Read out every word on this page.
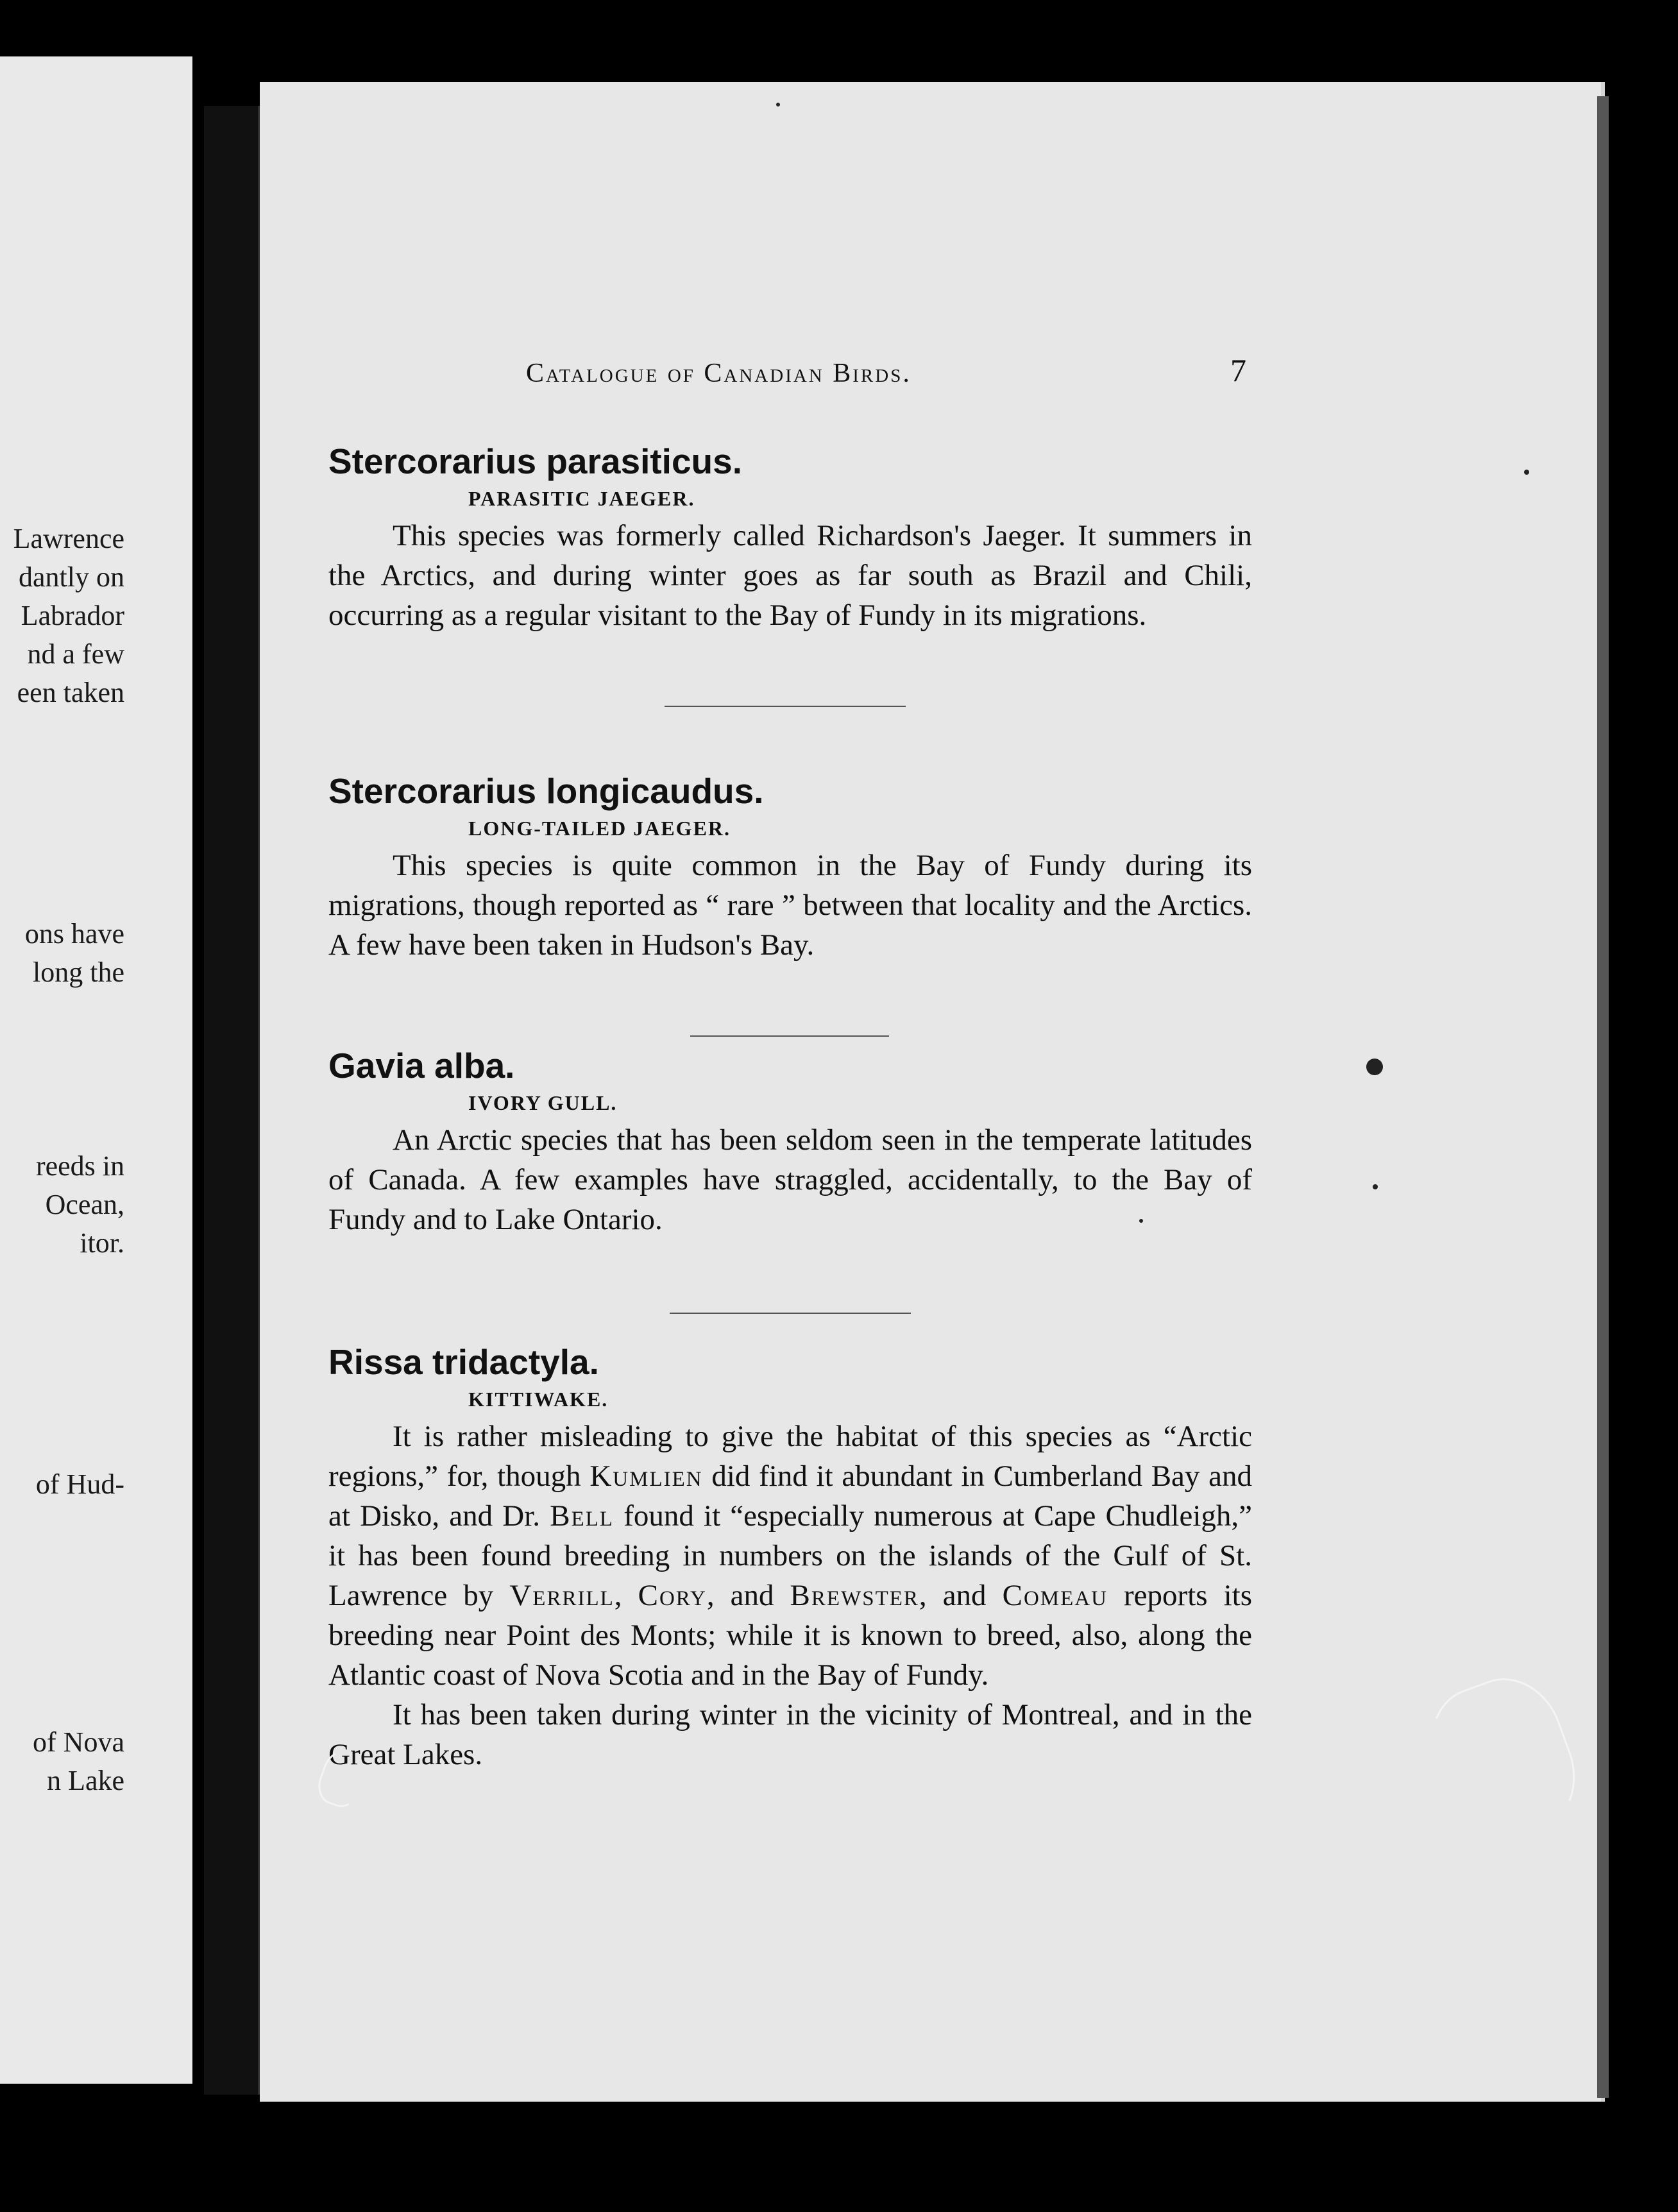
Lawrence
dantly on
Labrador
nd a few
een taken
ons have
long the
reeds in
Ocean,
itor.
of Hud-
of Nova
n Lake
Catalogue of Canadian Birds.	7
Stercorarius parasiticus.
PARASITIC JAEGER.

This species was formerly called Richardson's Jaeger. It summers in the Arctics, and during winter goes as far south as Brazil and Chili, occurring as a regular visitant to the Bay of Fundy in its migrations.

Stercorarius longicaudus.
LONG-TAILED JAEGER.

This species is quite common in the Bay of Fundy during its migrations, though reported as “ rare ” between that locality and the Arctics. A few have been taken in Hudson's Bay.

Gavia alba.
IVORY GULL.

An Arctic species that has been seldom seen in the temperate latitudes of Canada. A few examples have straggled, accidentally, to the Bay of Fundy and to Lake Ontario.

Rissa tridactyla.
KITTIWAKE.

It is rather misleading to give the habitat of this species as “Arctic regions,” for, though Kumlien did find it abundant in Cumberland Bay and at Disko, and Dr. Bell found it “especially numerous at Cape Chudleigh,” it has been found breeding in numbers on the islands of the Gulf of St. Lawrence by Verrill, Cory, and Brewster, and Comeau reports its breeding near Point des Monts; while it is known to breed, also, along the Atlantic coast of Nova Scotia and in the Bay of Fundy.

It has been taken during winter in the vicinity of Montreal, and in the Great Lakes.
